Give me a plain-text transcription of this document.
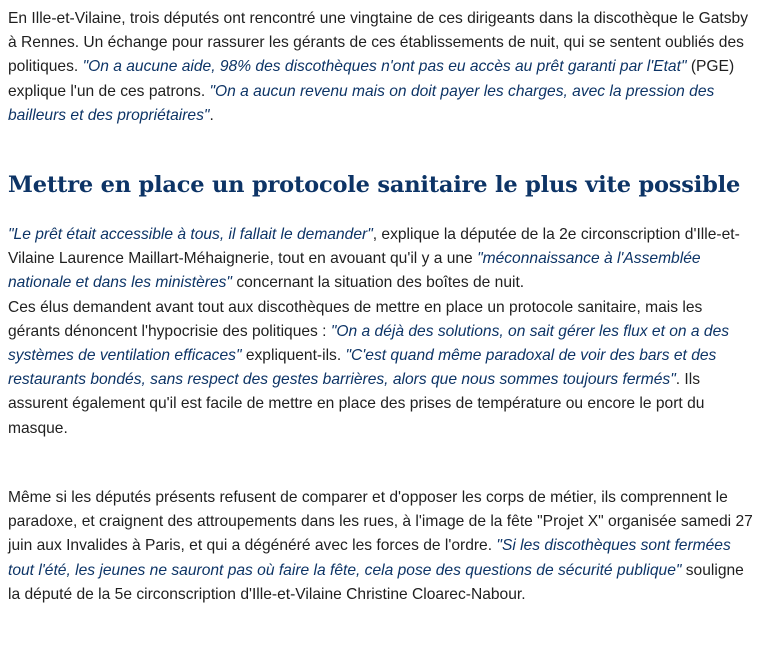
En Ille-et-Vilaine, trois députés ont rencontré une vingtaine de ces dirigeants dans la discothèque le Gatsby à Rennes. Un échange pour rassurer les gérants de ces établissements de nuit, qui se sentent oubliés des politiques. "On a aucune aide, 98% des discothèques n'ont pas eu accès au prêt garanti par l'Etat" (PGE) explique l'un de ces patrons. "On a aucun revenu mais on doit payer les charges, avec la pression des bailleurs et des propriétaires".

Mettre en place un protocole sanitaire le plus vite possible

"Le prêt était accessible à tous, il fallait le demander", explique la députée de la 2e circonscription d'Ille-et-Vilaine Laurence Maillart-Méhaignerie, tout en avouant qu'il y a une "méconnaissance à l'Assemblée nationale et dans les ministères" concernant la situation des boîtes de nuit.
Ces élus demandent avant tout aux discothèques de mettre en place un protocole sanitaire, mais les gérants dénoncent l'hypocrisie des politiques : "On a déjà des solutions, on sait gérer les flux et on a des systèmes de ventilation efficaces" expliquent-ils. "C'est quand même paradoxal de voir des bars et des restaurants bondés, sans respect des gestes barrières, alors que nous sommes toujours fermés". Ils assurent également qu'il est facile de mettre en place des prises de température ou encore le port du masque.

Même si les députés présents refusent de comparer et d'opposer les corps de métier, ils comprennent le paradoxe, et craignent des attroupements dans les rues, à l'image de la fête "Projet X" organisée samedi 27 juin aux Invalides à Paris, et qui a dégénéré avec les forces de l'ordre. "Si les discothèques sont fermées tout l'été, les jeunes ne sauront pas où faire la fête, cela pose des questions de sécurité publique" souligne la député de la 5e circonscription d'Ille-et-Vilaine Christine Cloarec-Nabour.
